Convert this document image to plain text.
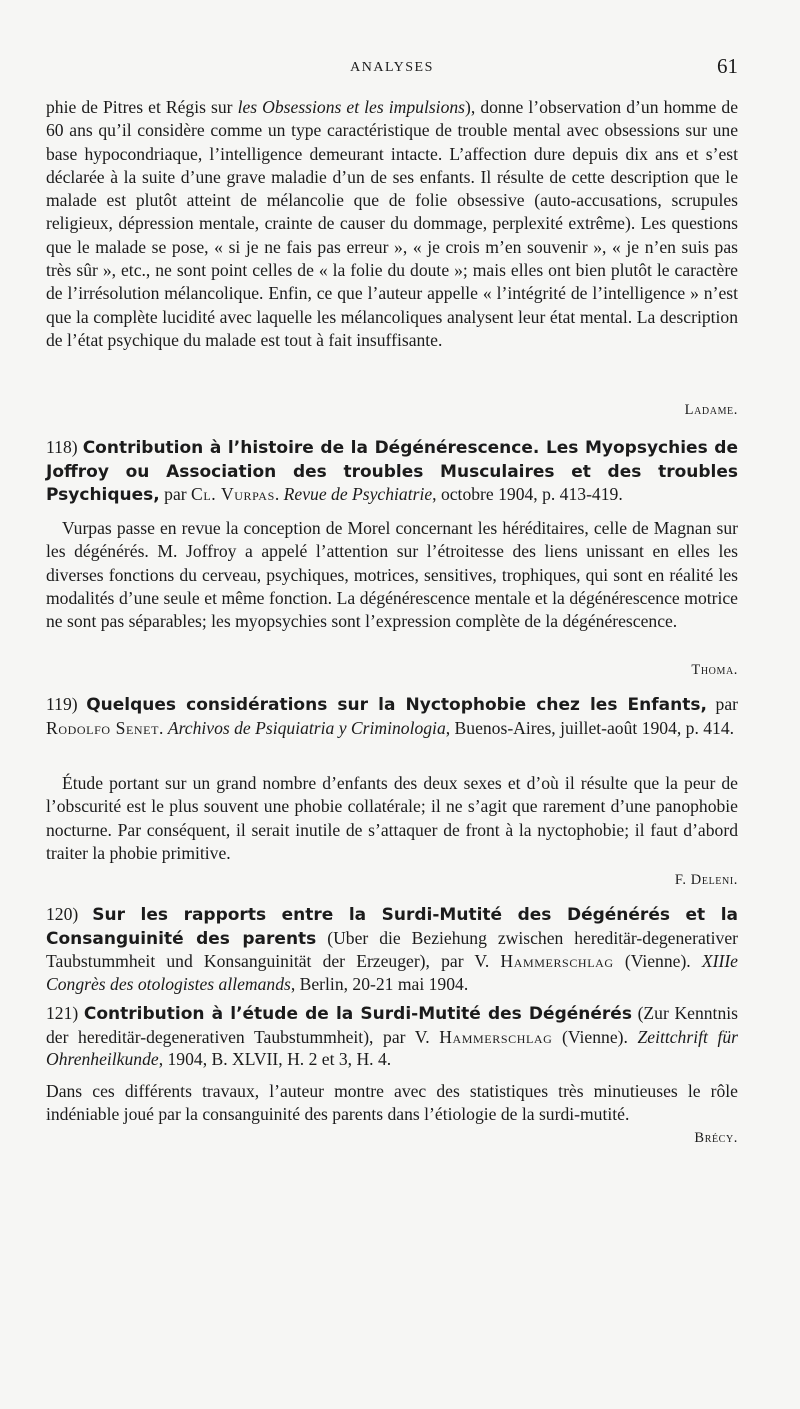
ANALYSES	61

phie de Pitres et Régis sur les Obsessions et les impulsions), donne l’observation d’un homme de 60 ans qu’il considère comme un type caractéristique de trouble mental avec obsessions sur une base hypocondriaque, l’intelligence demeurant intacte. L’affection dure depuis dix ans et s’est déclarée à la suite d’une grave maladie d’un de ses enfants. Il résulte de cette description que le malade est plutôt atteint de mélancolie que de folie obsessive (auto-accusations, scrupules religieux, dépression mentale, crainte de causer du dommage, perplexité extrême). Les questions que le malade se pose, « si je ne fais pas erreur », « je crois m’en souvenir », « je n’en suis pas très sûr », etc., ne sont point celles de « la folie du doute »; mais elles ont bien plutôt le caractère de l’irrésolution mélancolique. Enfin, ce que l’auteur appelle « l’intégrité de l’intelligence » n’est que la complète lucidité avec laquelle les mélancoliques analysent leur état mental. La description de l’état psychique du malade est tout à fait insuffisante.

Ladame.

118) Contribution à l’histoire de la Dégénérescence. Les Myopsychies de Joffroy ou Association des troubles Musculaires et des troubles Psychiques, par Cl. Vurpas. Revue de Psychiatrie, octobre 1904, p. 413-419.

Vurpas passe en revue la conception de Morel concernant les héréditaires, celle de Magnan sur les dégénérés. M. Joffroy a appelé l’attention sur l’étroitesse des liens unissant en elles les diverses fonctions du cerveau, psychiques, motrices, sensitives, trophiques, qui sont en réalité les modalités d’une seule et même fonction. La dégénérescence mentale et la dégénérescence motrice ne sont pas séparables; les myopsychies sont l’expression complète de la dégénérescence.

Thoma.

119) Quelques considérations sur la Nyctophobie chez les Enfants, par Rodolfo Senet. Archivos de Psiquiatria y Criminologia, Buenos-Aires, juillet-août 1904, p. 414.

Étude portant sur un grand nombre d’enfants des deux sexes et d’où il résulte que la peur de l’obscurité est le plus souvent une phobie collatérale; il ne s’agit que rarement d’une panophobie nocturne. Par conséquent, il serait inutile de s’attaquer de front à la nyctophobie; il faut d’abord traiter la phobie primitive.

F. Deleni.

120) Sur les rapports entre la Surdi-Mutité des Dégénérés et la Consanguinité des parents (Uber die Beziehung zwischen hereditär-degenerativer Taubstummheit und Konsanguinität der Erzeuger), par V. Hammerschlag (Vienne). XIIIe Congrès des otologistes allemands, Berlin, 20-21 mai 1904.

121) Contribution à l’étude de la Surdi-Mutité des Dégénérés (Zur Kenntnis der hereditär-degenerativen Taubstummheit), par V. Hammerschlag (Vienne). Zeittchrift für Ohrenheilkunde, 1904, B. XLVII, H. 2 et 3, H. 4.

Dans ces différents travaux, l’auteur montre avec des statistiques très minutieuses le rôle indéniable joué par la consanguinité des parents dans l’étiologie de la surdi-mutité.

Brécy.
